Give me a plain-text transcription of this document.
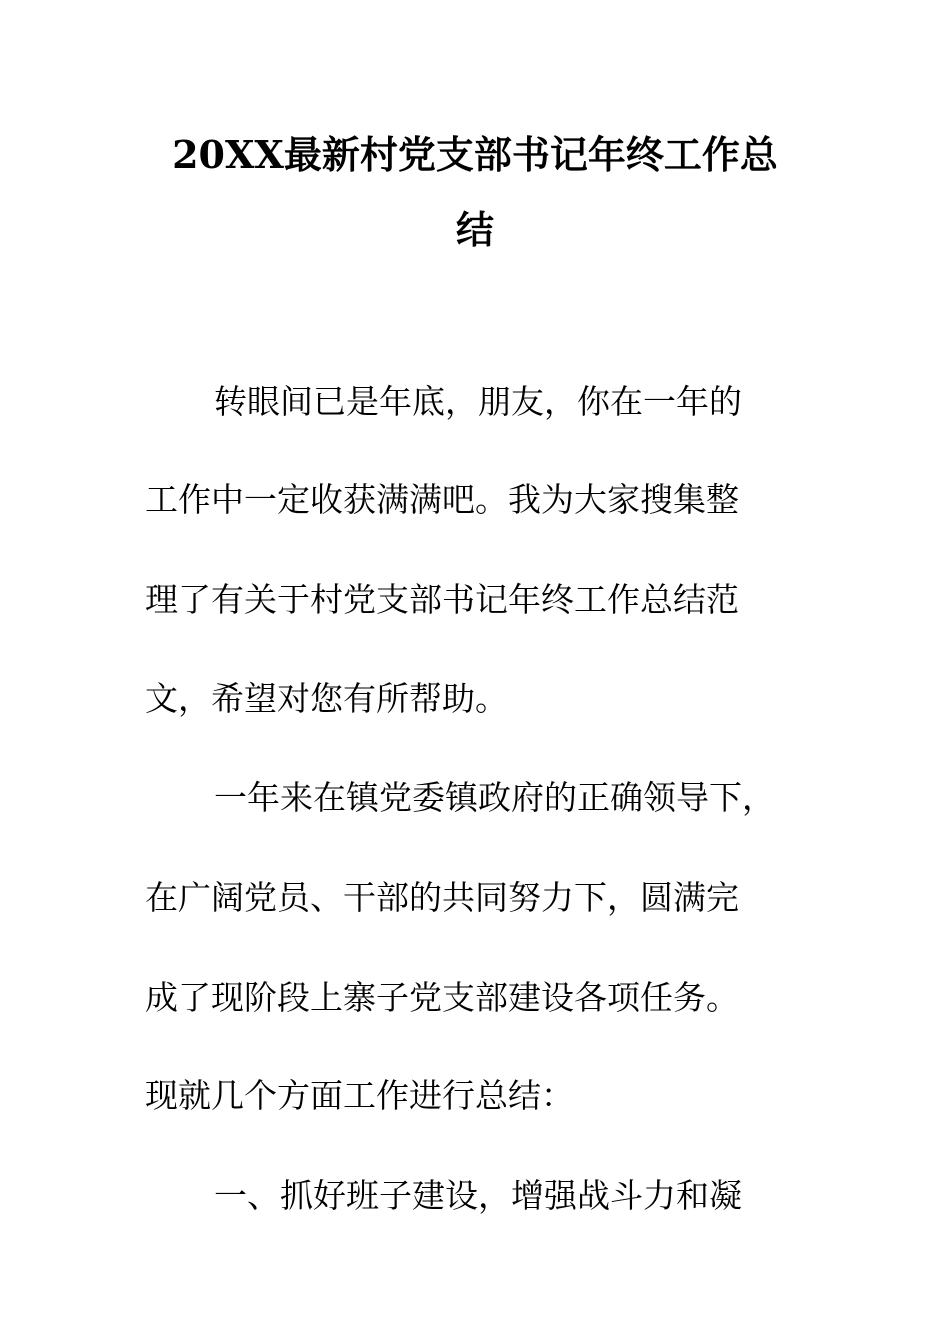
20XX最新村党支部书记年终工作总
结
转眼间已是年底，朋友，你在一年的
工作中一定收获满满吧。我为大家搜集整
理了有关于村党支部书记年终工作总结范
文，希望对您有所帮助。
一年来在镇党委镇政府的正确领导下，
在广阔党员、干部的共同努力下，圆满完
成了现阶段上寨子党支部建设各项任务。
现就几个方面工作进行总结：
一、抓好班子建设，增强战斗力和凝
